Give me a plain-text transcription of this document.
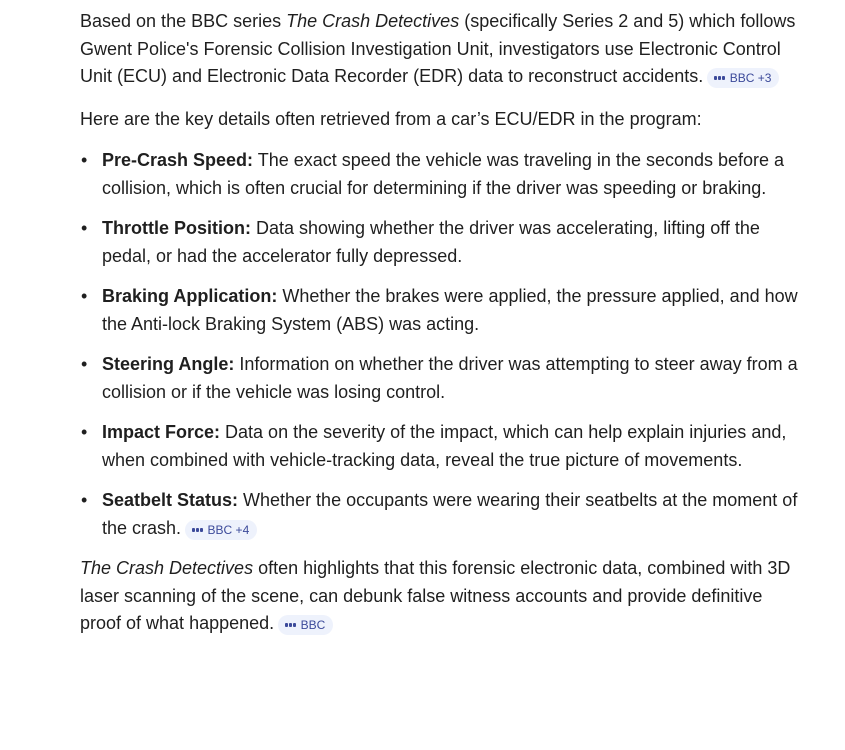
Based on the BBC series The Crash Detectives (specifically Series 2 and 5) which follows Gwent Police's Forensic Collision Investigation Unit, investigators use Electronic Control Unit (ECU) and Electronic Data Recorder (EDR) data to reconstruct accidents. BBC +3

Here are the key details often retrieved from a car’s ECU/EDR in the program:

• Pre-Crash Speed: The exact speed the vehicle was traveling in the seconds before a collision, which is often crucial for determining if the driver was speeding or braking.
• Throttle Position: Data showing whether the driver was accelerating, lifting off the pedal, or had the accelerator fully depressed.
• Braking Application: Whether the brakes were applied, the pressure applied, and how the Anti-lock Braking System (ABS) was acting.
• Steering Angle: Information on whether the driver was attempting to steer away from a collision or if the vehicle was losing control.
• Impact Force: Data on the severity of the impact, which can help explain injuries and, when combined with vehicle-tracking data, reveal the true picture of movements.
• Seatbelt Status: Whether the occupants were wearing their seatbelts at the moment of the crash. BBC +4

The Crash Detectives often highlights that this forensic electronic data, combined with 3D laser scanning of the scene, can debunk false witness accounts and provide definitive proof of what happened. BBC
